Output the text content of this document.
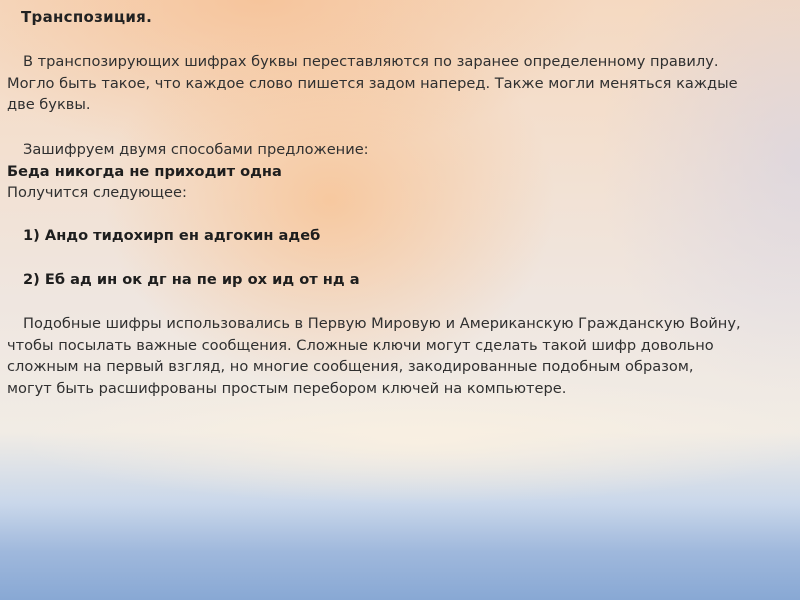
Транспозиция.
В транспозирующих шифрах буквы переставляются по заранее определенному правилу.
Могло быть такое, что каждое слово пишется задом наперед. Также могли меняться каждые
две буквы.
Зашифруем двумя способами предложение:
Беда никогда не приходит одна
Получится следующее:
1) Андо тидохирп ен адгокин адеб
2) Еб ад ин ок дг на пе ир ох ид от нд а
Подобные шифры использовались в Первую Мировую и Американскую Гражданскую Войну,
чтобы посылать важные сообщения. Сложные ключи могут сделать такой шифр довольно
сложным на первый взгляд, но многие сообщения, закодированные подобным образом,
могут быть расшифрованы простым перебором ключей на компьютере.
